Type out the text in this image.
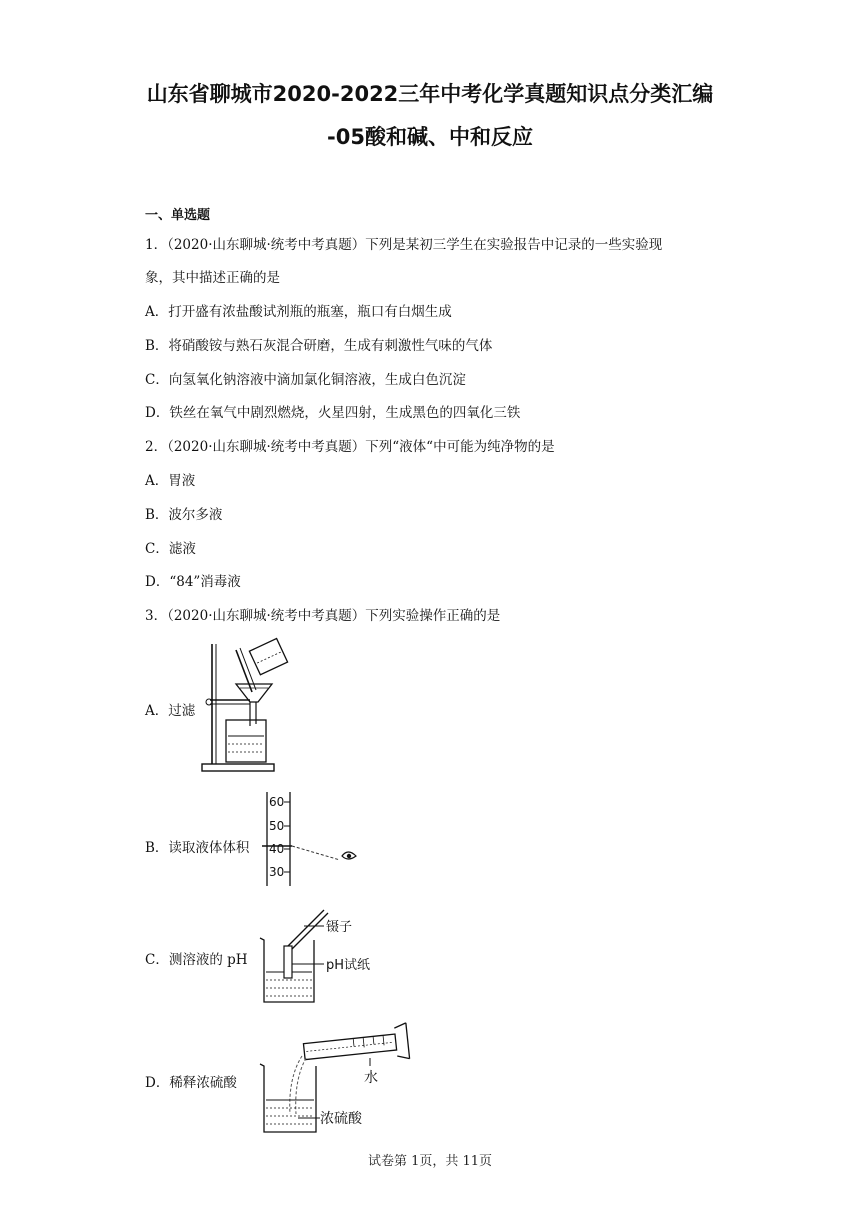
山东省聊城市2020-2022三年中考化学真题知识点分类汇编
-05酸和碱、中和反应
一、单选题
1．（2020·山东聊城·统考中考真题）下列是某初三学生在实验报告中记录的一些实验现
象，其中描述正确的是
A．打开盛有浓盐酸试剂瓶的瓶塞，瓶口有白烟生成
B．将硝酸铵与熟石灰混合研磨，生成有刺激性气味的气体
C．向氢氧化钠溶液中滴加氯化铜溶液，生成白色沉淀
D．铁丝在氧气中剧烈燃烧，火星四射，生成黑色的四氧化三铁
2．（2020·山东聊城·统考中考真题）下列“液体“中可能为纯净物的是
A．胃液
B．波尔多液
C．滤液
D．“84”消毒液
3．（2020·山东聊城·统考中考真题）下列实验操作正确的是
A．过滤
B．读取液体体积
60
50
40
30
C．测溶液的 pH
镊子
pH试纸
D．稀释浓硫酸	水
浓硫酸
试卷第 1页，共 11页
